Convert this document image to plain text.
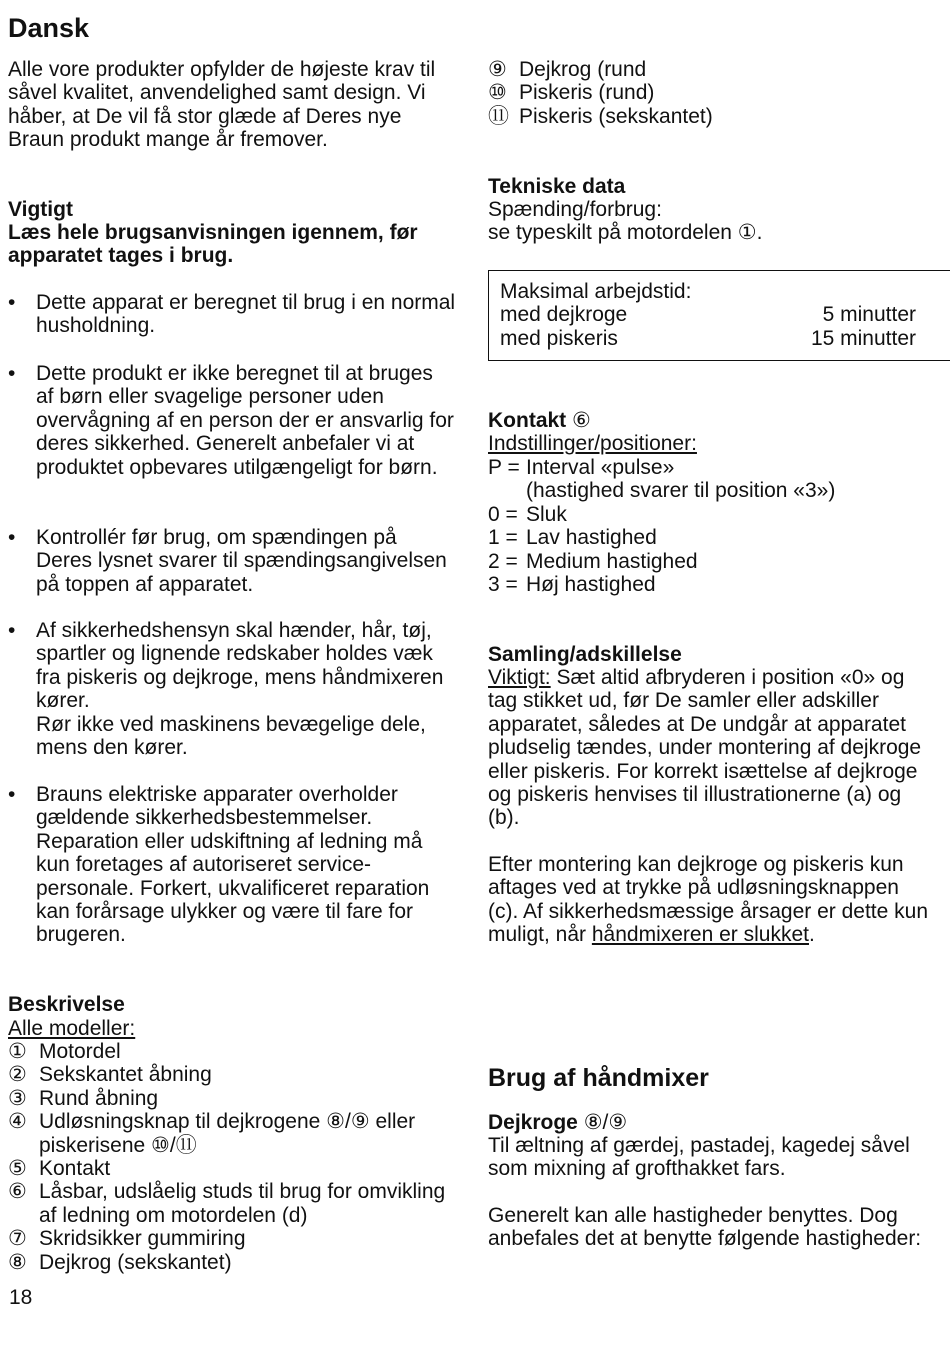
Dansk

Alle vore produkter opfylder de højeste krav til såvel kvalitet, anvendelighed samt design. Vi håber, at De vil få stor glæde af Deres nye Braun produkt mange år fremover.

Vigtigt
Læs hele brugsanvisningen igennem, før apparatet tages i brug.
• Dette apparat er beregnet til brug i en normal husholdning.
• Dette produkt er ikke beregnet til at bruges af børn eller svagelige personer uden overvågning af en person der er ansvarlig for deres sikkerhed. Generelt anbefaler vi at produktet opbevares utilgængeligt for børn.
• Kontrollér før brug, om spændingen på Deres lysnet svarer til spændingsangivelsen på toppen af apparatet.
• Af sikkerhedshensyn skal hænder, hår, tøj, spartler og lignende redskaber holdes væk fra piskeris og dejkroge, mens håndmixeren kører.
Rør ikke ved maskinens bevægelige dele, mens den kører.
• Brauns elektriske apparater overholder gældende sikkerhedsbestemmelser. Reparation eller udskiftning af ledning må kun foretages af autoriseret servicepersonale. Forkert, ukvalificeret reparation kan forårsage ulykker og være til fare for brugeren.
Beskrivelse
Alle modeller:
① Motordel
② Sekskantet åbning
③ Rund åbning
④ Udløsningsknap til dejkrogene ⑧/⑨ eller piskerisene ⑩/⑪
⑤ Kontakt
⑥ Låsbar, udslåelig studs til brug for omvikling af ledning om motordelen (d)
⑦ Skridsikker gummiring
⑧ Dejkrog (sekskantet)
18
⑨ Dejkrog (rund
⑩ Piskeris (rund)
⑪ Piskeris (sekskantet)
Tekniske data
Spænding/forbrug:
se typeskilt på motordelen ①.
Maksimal arbejdstid:
med dejkroge	5 minutter
med piskeris	15 minutter
Kontakt ⑥
Indstillinger/positioner:
P = Interval «pulse»
(hastighed svarer til position «3»)
0 = Sluk
1 = Lav hastighed
2 = Medium hastighed
3 = Høj hastighed
Samling/adskillelse

Viktigt: Sæt altid afbryderen i position «0» og tag stikket ud, før De samler eller adskiller apparatet, således at De undgår at apparatet pludselig tændes, under montering af dejkroge eller piskeris. For korrekt isættelse af dejkroge og piskeris henvises til illustrationerne (a) og (b).

Efter montering kan dejkroge og piskeris kun aftages ved at trykke på udløsningsknappen (c). Af sikkerhedsmæssige årsager er dette kun muligt, når håndmixeren er slukket.

Brug af håndmixer
Dejkroge ⑧/⑨

Til æltning af gærdej, pastadej, kagedej såvel som mixning af grofthakket fars.

Generelt kan alle hastigheder benyttes. Dog anbefales det at benytte følgende hastigheder:
